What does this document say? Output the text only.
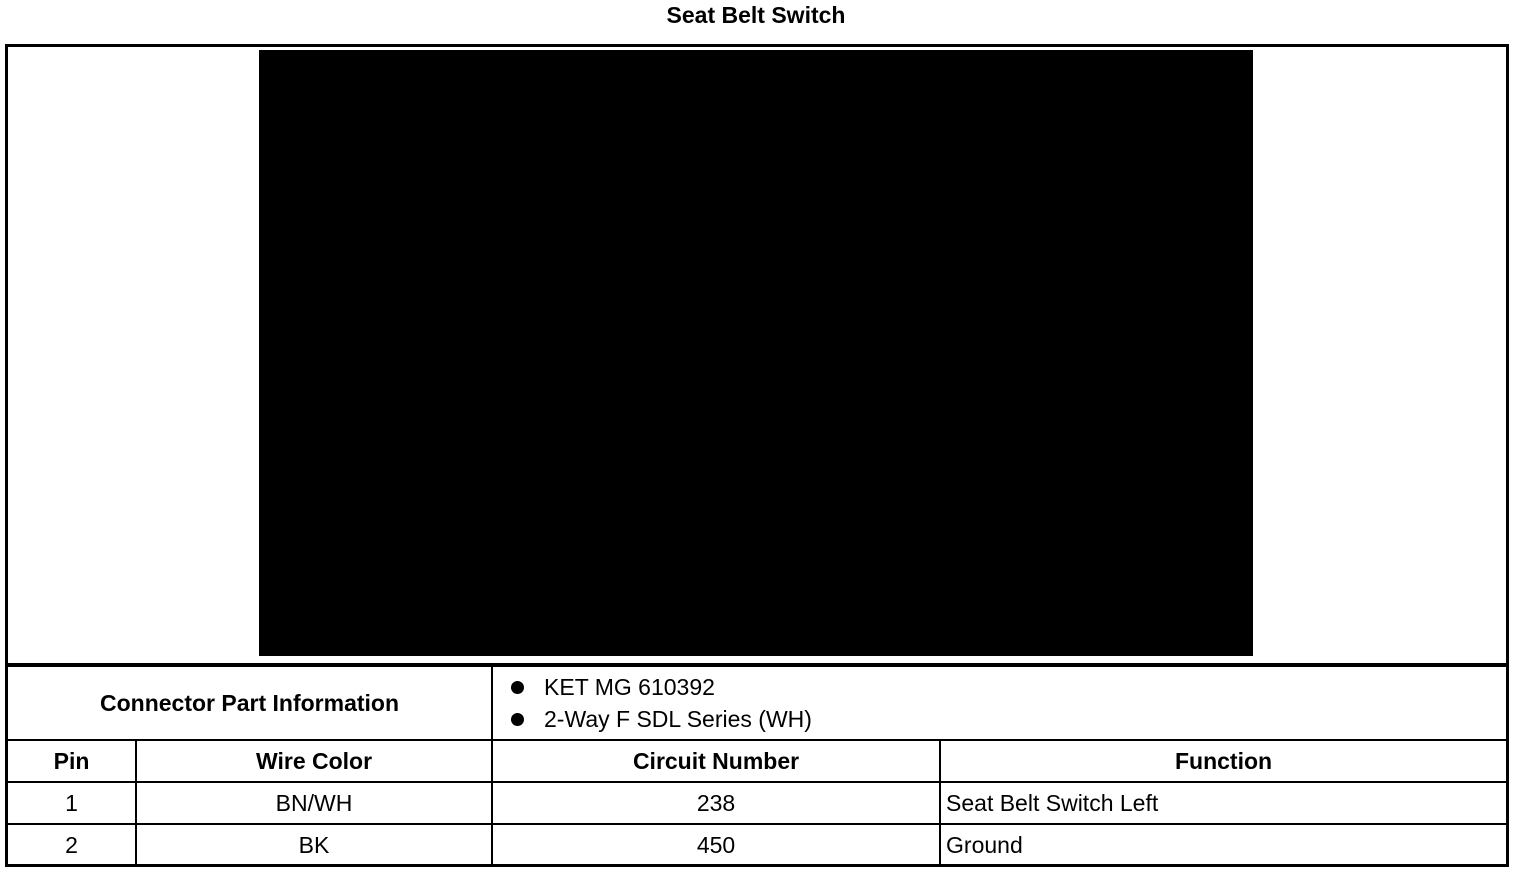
Seat Belt Switch
Connector Part Information		KET MG 610392
2-Way F SDL Series (WH)	

Pin	Wire Color	Circuit Number	Function
1	BN/WH	238	Seat Belt Switch Left
2	BK	450	Ground
